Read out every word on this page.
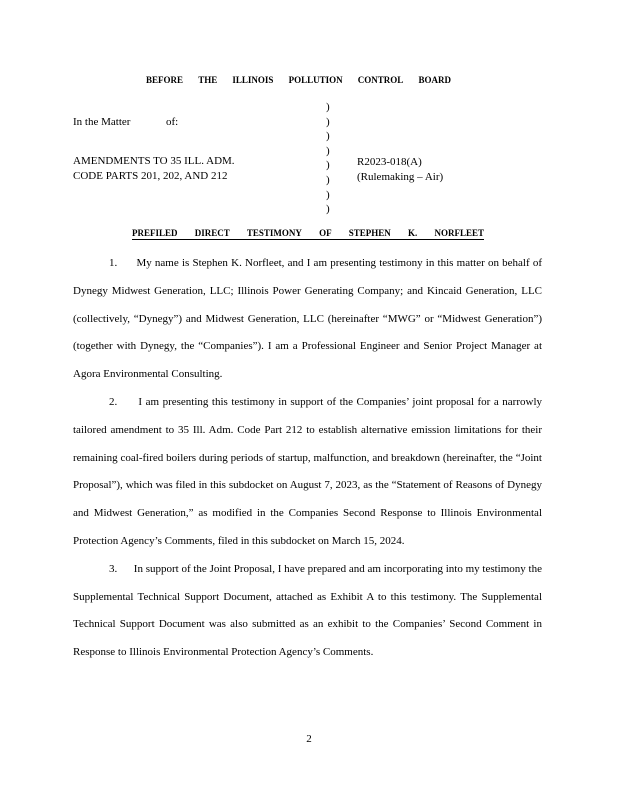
BEFORE THE ILLINOIS POLLUTION CONTROL BOARD
In the Matter	of:
AMENDMENTS TO 35 ILL. ADM.
CODE PARTS 201, 202, AND 212
)
)
)
)
)
)
)
)
R2023-018(A)
(Rulemaking – Air)
PREFILED DIRECT TESTIMONY OF STEPHEN K. NORFLEET

1.      My name is Stephen K. Norfleet, and I am presenting testimony in this matter on behalf of Dynegy Midwest Generation, LLC; Illinois Power Generating Company; and Kincaid Generation, LLC (collectively, “Dynegy”) and Midwest Generation, LLC (hereinafter “MWG” or “Midwest Generation”) (together with Dynegy, the “Companies”). I am a Professional Engineer and Senior Project Manager at Agora Environmental Consulting.

2.      I am presenting this testimony in support of the Companies’ joint proposal for a narrowly tailored amendment to 35 Ill. Adm. Code Part 212 to establish alternative emission limitations for their remaining coal-fired boilers during periods of startup, malfunction, and breakdown (hereinafter, the “Joint Proposal”), which was filed in this subdocket on August 7, 2023, as the “Statement of Reasons of Dynegy and Midwest Generation,” as modified in the Companies Second Response to Illinois Environmental Protection Agency’s Comments, filed in this subdocket on March 15, 2024.

3.      In support of the Joint Proposal, I have prepared and am incorporating into my testimony the Supplemental Technical Support Document, attached as Exhibit A to this testimony. The Supplemental Technical Support Document was also submitted as an exhibit to the Companies’ Second Comment in Response to Illinois Environmental Protection Agency’s Comments.

2
